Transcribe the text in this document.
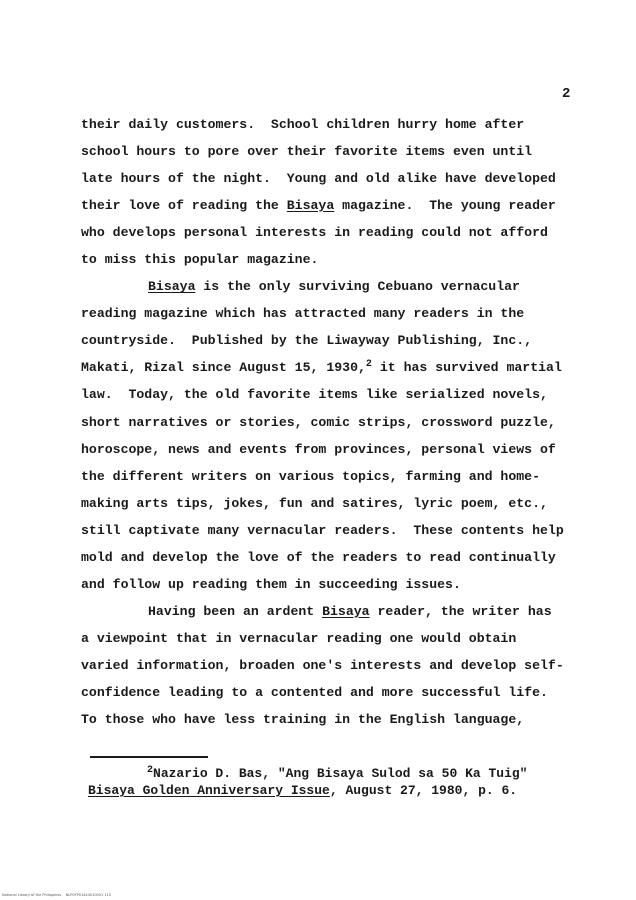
2
their daily customers.  School children hurry home after
school hours to pore over their favorite items even until
late hours of the night.  Young and old alike have developed
their love of reading the Bisaya magazine.  The young reader
who develops personal interests in reading could not afford
to miss this popular magazine.
Bisaya is the only surviving Cebuano vernacular
reading magazine which has attracted many readers in the
countryside.  Published by the Liwayway Publishing, Inc.,
Makati, Rizal since August 15, 1930,$^2$ it has survived martial
law.  Today, the old favorite items like serialized novels,
short narratives or stories, comic strips, crossword puzzle,
horoscope, news and events from provinces, personal views of
the different writers on various topics, farming and home-
making arts tips, jokes, fun and satires, lyric poem, etc.,
still captivate many vernacular readers.  These contents help
mold and develop the love of the readers to read continually
and follow up reading them in succeeding issues.
Having been an ardent Bisaya reader, the writer has
a viewpoint that in vernacular reading one would obtain
varied information, broaden one's interests and develop self-
confidence leading to a contented and more successful life.
To those who have less training in the English language,
$^2$Nazario D. Bas, "Ang Bisaya Sulod sa 50 Ka Tuig"
Bisaya Golden Anniversary Issue, August 27, 1980, p. 6.
National Library of the Philippines    NLP0FP01444010001 115
